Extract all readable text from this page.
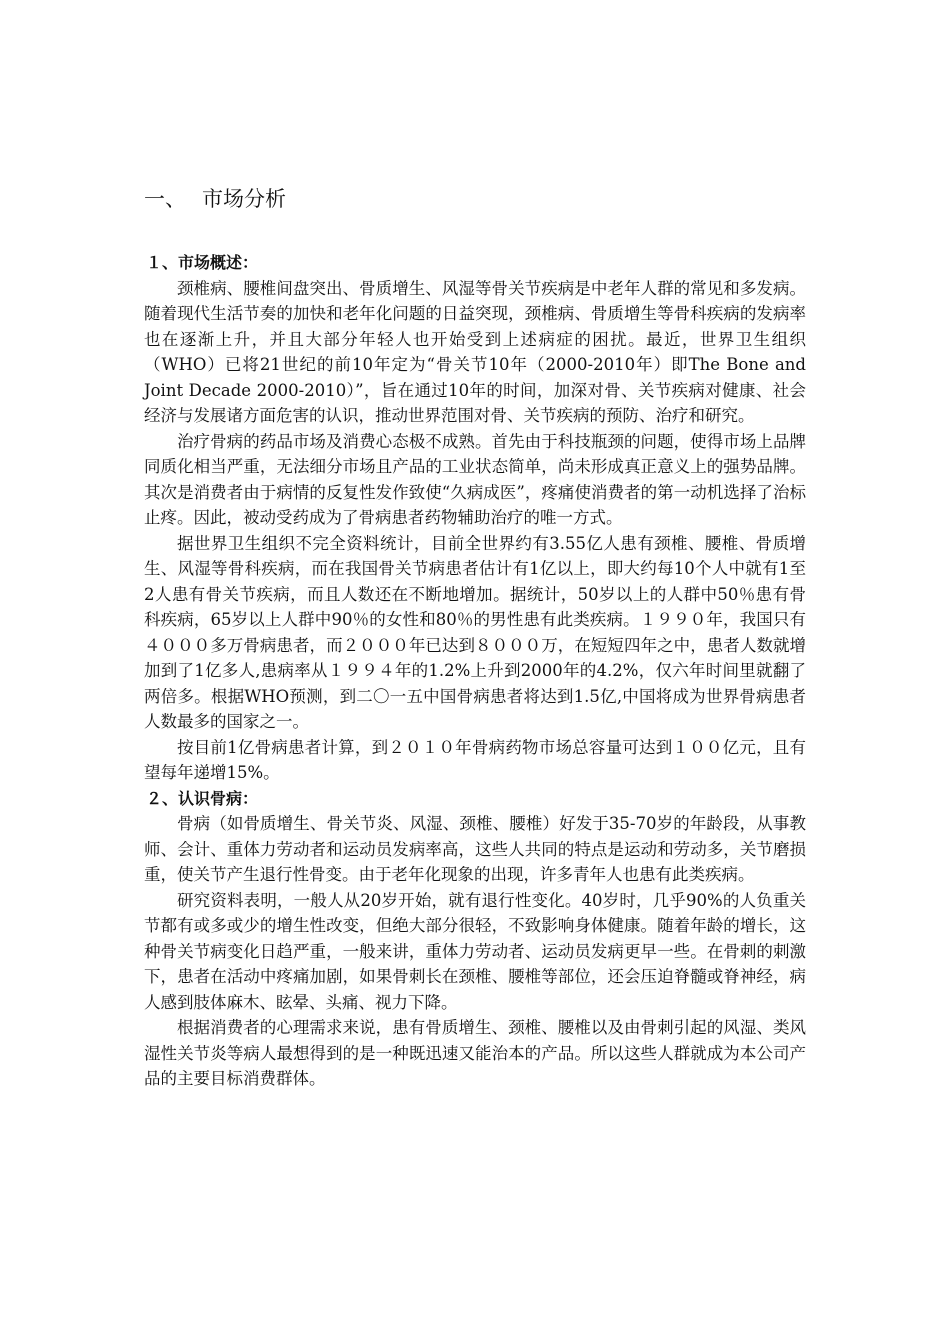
一、 市场分析

１、市场概述：

颈椎病、腰椎间盘突出、骨质增生、风湿等骨关节疾病是中老年人群的常见和多发病。随着现代生活节奏的加快和老年化问题的日益突现，颈椎病、骨质增生等骨科疾病的发病率也在逐渐上升，并且大部分年轻人也开始受到上述病症的困扰。最近，世界卫生组织（WHO）已将21世纪的前10年定为“骨关节10年（2000-2010年）即The Bone and Joint Decade 2000-2010）”，旨在通过10年的时间，加深对骨、关节疾病对健康、社会经济与发展诸方面危害的认识，推动世界范围对骨、关节疾病的预防、治疗和研究。

治疗骨病的药品市场及消费心态极不成熟。首先由于科技瓶颈的问题，使得市场上品牌同质化相当严重，无法细分市场且产品的工业状态简单，尚未形成真正意义上的强势品牌。其次是消费者由于病情的反复性发作致使“久病成医”，疼痛使消费者的第一动机选择了治标止疼。因此，被动受药成为了骨病患者药物辅助治疗的唯一方式。

据世界卫生组织不完全资料统计，目前全世界约有3.55亿人患有颈椎、腰椎、骨质增生、风湿等骨科疾病，而在我国骨关节病患者估计有1亿以上，即大约每10个人中就有1至2人患有骨关节疾病，而且人数还在不断地增加。据统计，50岁以上的人群中50％患有骨科疾病，65岁以上人群中90％的女性和80％的男性患有此类疾病。１９９０年，我国只有４０００多万骨病患者，而２０００年已达到８０００万，在短短四年之中，患者人数就增加到了1亿多人,患病率从１９９４年的1.2%上升到2000年的4.2%，仅六年时间里就翻了两倍多。根据WHO预测，到二〇一五中国骨病患者将达到1.5亿,中国将成为世界骨病患者人数最多的国家之一。

按目前1亿骨病患者计算，到２０１０年骨病药物市场总容量可达到１００亿元，且有望每年递增15%。

２、认识骨病：

骨病（如骨质增生、骨关节炎、风湿、颈椎、腰椎）好发于35-70岁的年龄段，从事教师、会计、重体力劳动者和运动员发病率高，这些人共同的特点是运动和劳动多，关节磨损重，使关节产生退行性骨变。由于老年化现象的出现，许多青年人也患有此类疾病。

研究资料表明，一般人从20岁开始，就有退行性变化。40岁时，几乎90%的人负重关节都有或多或少的增生性改变，但绝大部分很轻，不致影响身体健康。随着年龄的增长，这种骨关节病变化日趋严重，一般来讲，重体力劳动者、运动员发病更早一些。在骨刺的刺激下，患者在活动中疼痛加剧，如果骨刺长在颈椎、腰椎等部位，还会压迫脊髓或脊神经，病人感到肢体麻木、眩晕、头痛、视力下降。

根据消费者的心理需求来说，患有骨质增生、颈椎、腰椎以及由骨刺引起的风湿、类风湿性关节炎等病人最想得到的是一种既迅速又能治本的产品。所以这些人群就成为本公司产品的主要目标消费群体。
